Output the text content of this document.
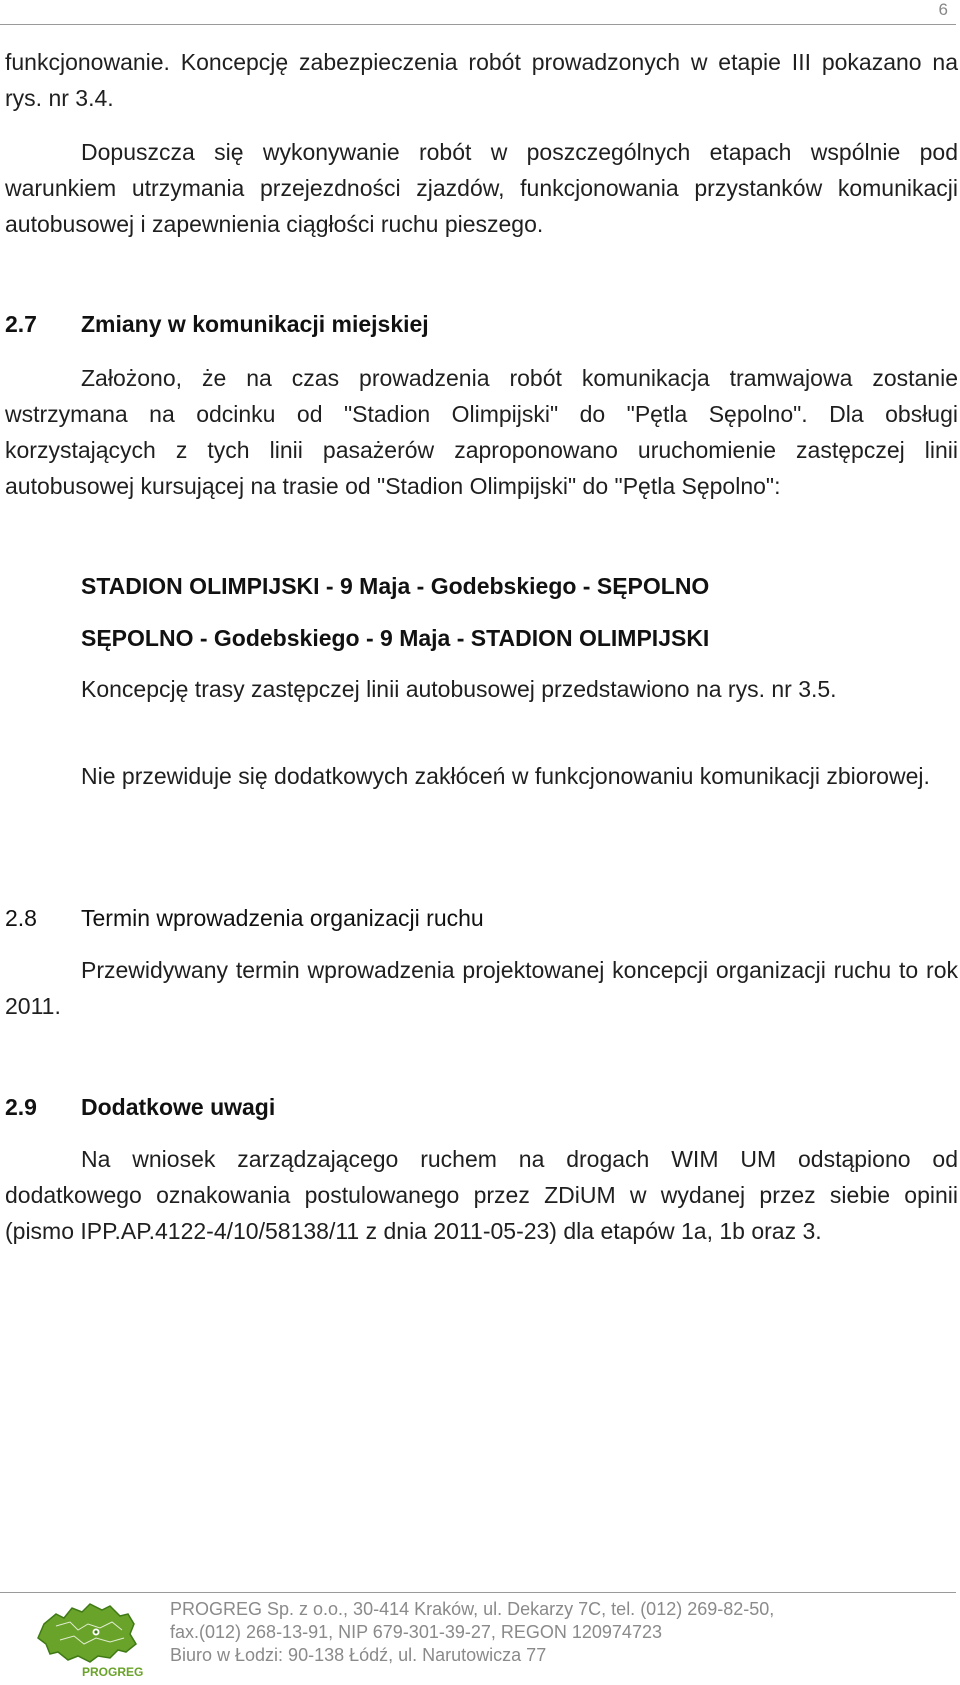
6

funkcjonowanie. Koncepcję zabezpieczenia robót prowadzonych w etapie III pokazano na rys. nr 3.4.

Dopuszcza się wykonywanie robót w poszczególnych etapach wspólnie pod warunkiem utrzymania przejezdności zjazdów, funkcjonowania przystanków komunikacji autobusowej i zapewnienia ciągłości ruchu pieszego.

2.7 Zmiany w komunikacji miejskiej

Założono, że na czas prowadzenia robót komunikacja tramwajowa zostanie wstrzymana na odcinku od "Stadion Olimpijski" do "Pętla Sępolno". Dla obsługi korzystających z tych linii pasażerów zaproponowano uruchomienie zastępczej linii autobusowej kursującej na trasie od "Stadion Olimpijski" do "Pętla Sępolno":

STADION OLIMPIJSKI - 9 Maja - Godebskiego - SĘPOLNO

SĘPOLNO - Godebskiego - 9 Maja - STADION OLIMPIJSKI

Koncepcję trasy zastępczej linii autobusowej przedstawiono na rys. nr 3.5.

Nie przewiduje się dodatkowych zakłóceń w funkcjonowaniu komunikacji zbiorowej.

2.8 Termin wprowadzenia organizacji ruchu

Przewidywany termin wprowadzenia projektowanej koncepcji organizacji ruchu to rok 2011.

2.9 Dodatkowe uwagi

Na wniosek zarządzającego ruchem na drogach WIM UM odstąpiono od dodatkowego oznakowania postulowanego przez ZDiUM w wydanej przez siebie opinii (pismo IPP.AP.4122-4/10/58138/11 z dnia 2011-05-23) dla etapów 1a, 1b oraz 3.

PROGREG
PROGREG Sp. z o.o., 30-414 Kraków, ul. Dekarzy 7C, tel. (012) 269-82-50,
fax.(012) 268-13-91, NIP 679-301-39-27, REGON 120974723
Biuro w Łodzi: 90-138 Łódź, ul. Narutowicza 77
